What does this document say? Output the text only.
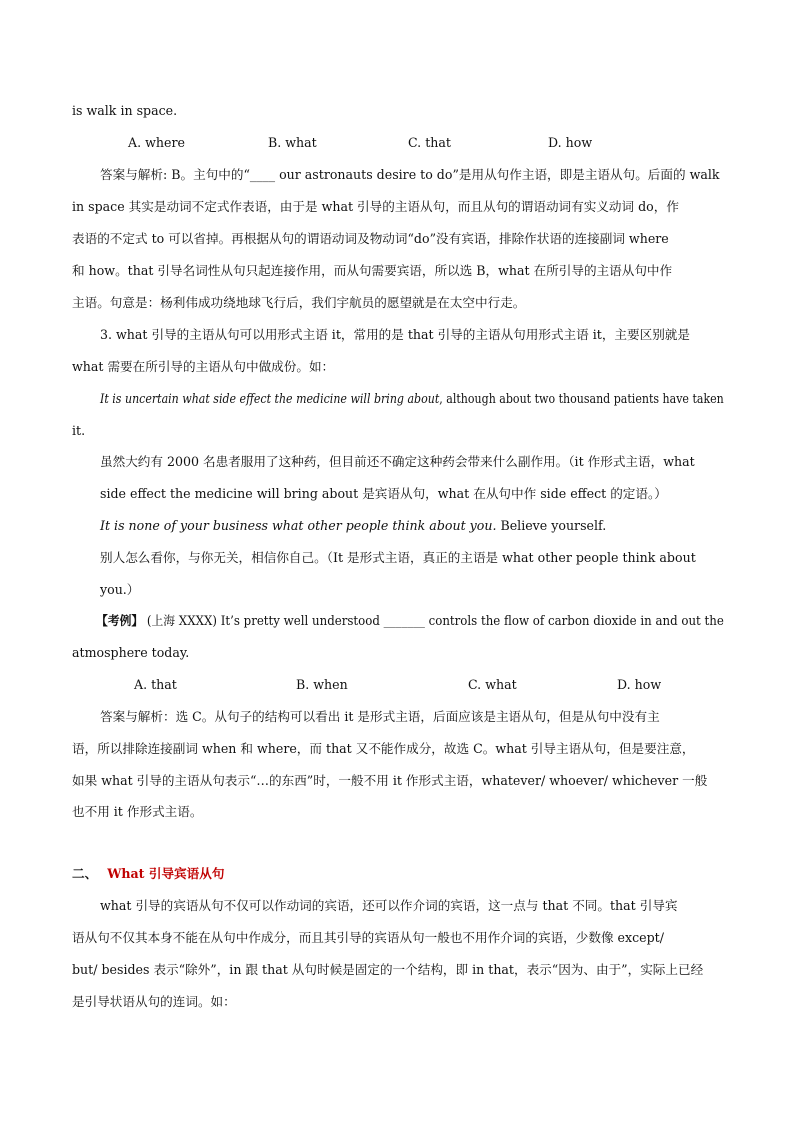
is walk in space.
A. where	B. what	C. that	D. how
答案与解析: B。主句中的“____ our astronauts desire to do”是用从句作主语，即是主语从句。后面的 walk
in space 其实是动词不定式作表语，由于是 what 引导的主语从句，而且从句的谓语动词有实义动词 do，作
表语的不定式 to 可以省掉。再根据从句的谓语动词及物动词“do”没有宾语，排除作状语的连接副词 where
和 how。that 引导名词性从句只起连接作用，而从句需要宾语，所以选 B，what 在所引导的主语从句中作
主语。句意是：杨利伟成功绕地球飞行后，我们宇航员的愿望就是在太空中行走。
3. what 引导的主语从句可以用形式主语 it，常用的是 that 引导的主语从句用形式主语 it，主要区别就是
what 需要在所引导的主语从句中做成份。如：
It is uncertain what side effect the medicine will bring about, although about two thousand patients have taken
it.
虽然大约有 2000 名患者服用了这种药，但目前还不确定这种药会带来什么副作用。（it 作形式主语，what
side effect the medicine will bring about 是宾语从句，what 在从句中作 side effect 的定语。）
It is none of your business what other people think about you. Believe yourself.
别人怎么看你，与你无关，相信你自己。（It 是形式主语，真正的主语是 what other people think about
you.）
【考例】 (上海 XXXX) It’s pretty well understood _______ controls the flow of carbon dioxide in and out the
atmosphere today.
A. that	B. when	C. what	D. how
答案与解析：选 C。从句子的结构可以看出 it 是形式主语，后面应该是主语从句，但是从句中没有主
语，所以排除连接副词 when 和 where，而 that 又不能作成分，故选 C。what 引导主语从句，但是要注意，
如果 what 引导的主语从句表示“…的东西”时，一般不用 it 作形式主语，whatever/ whoever/ whichever 一般
也不用 it 作形式主语。
二、 What 引导宾语从句
what 引导的宾语从句不仅可以作动词的宾语，还可以作介词的宾语，这一点与 that 不同。that 引导宾
语从句不仅其本身不能在从句中作成分，而且其引导的宾语从句一般也不用作介词的宾语，少数像 except/
but/ besides 表示“除外”，in 跟 that 从句时候是固定的一个结构，即 in that，表示“因为、由于”，实际上已经
是引导状语从句的连词。如：
